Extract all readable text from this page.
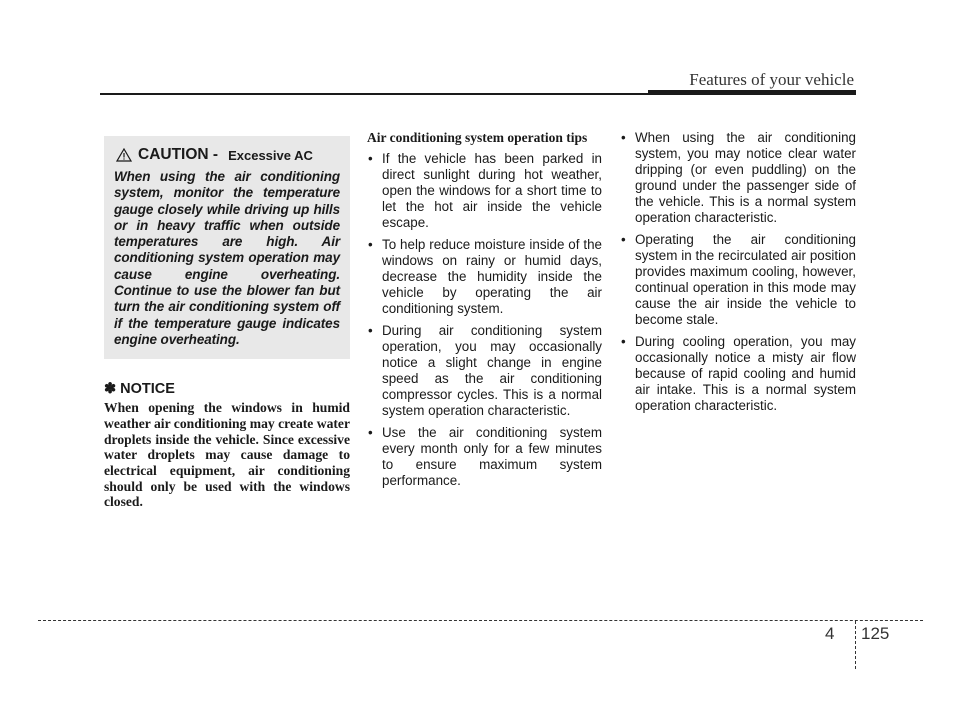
Features of your vehicle
CAUTION - Excessive AC
When using the air conditioning system, monitor the temperature gauge closely while driving up hills or in heavy traffic when outside temperatures are high. Air conditioning system operation may cause engine overheating. Continue to use the blower fan but turn the air conditioning system off if the temperature gauge indicates engine overheating.
✽ NOTICE
When opening the windows in humid weather air conditioning may create water droplets inside the vehicle. Since excessive water droplets may cause damage to electrical equipment, air conditioning should only be used with the windows closed.
Air conditioning system operation tips
• If the vehicle has been parked in direct sunlight during hot weather, open the windows for a short time to let the hot air inside the vehicle escape.
• To help reduce moisture inside of the windows on rainy or humid days, decrease the humidity inside the vehicle by operating the air conditioning system.
• During air conditioning system operation, you may occasionally notice a slight change in engine speed as the air conditioning compressor cycles. This is a normal system operation characteristic.
• Use the air conditioning system every month only for a few minutes to ensure maximum system performance.
• When using the air conditioning system, you may notice clear water dripping (or even puddling) on the ground under the passenger side of the vehicle. This is a normal system operation characteristic.
• Operating the air conditioning system in the recirculated air position provides maximum cooling, however, continual operation in this mode may cause the air inside the vehicle to become stale.
• During cooling operation, you may occasionally notice a misty air flow because of rapid cooling and humid air intake. This is a normal system operation characteristic.
4 125
